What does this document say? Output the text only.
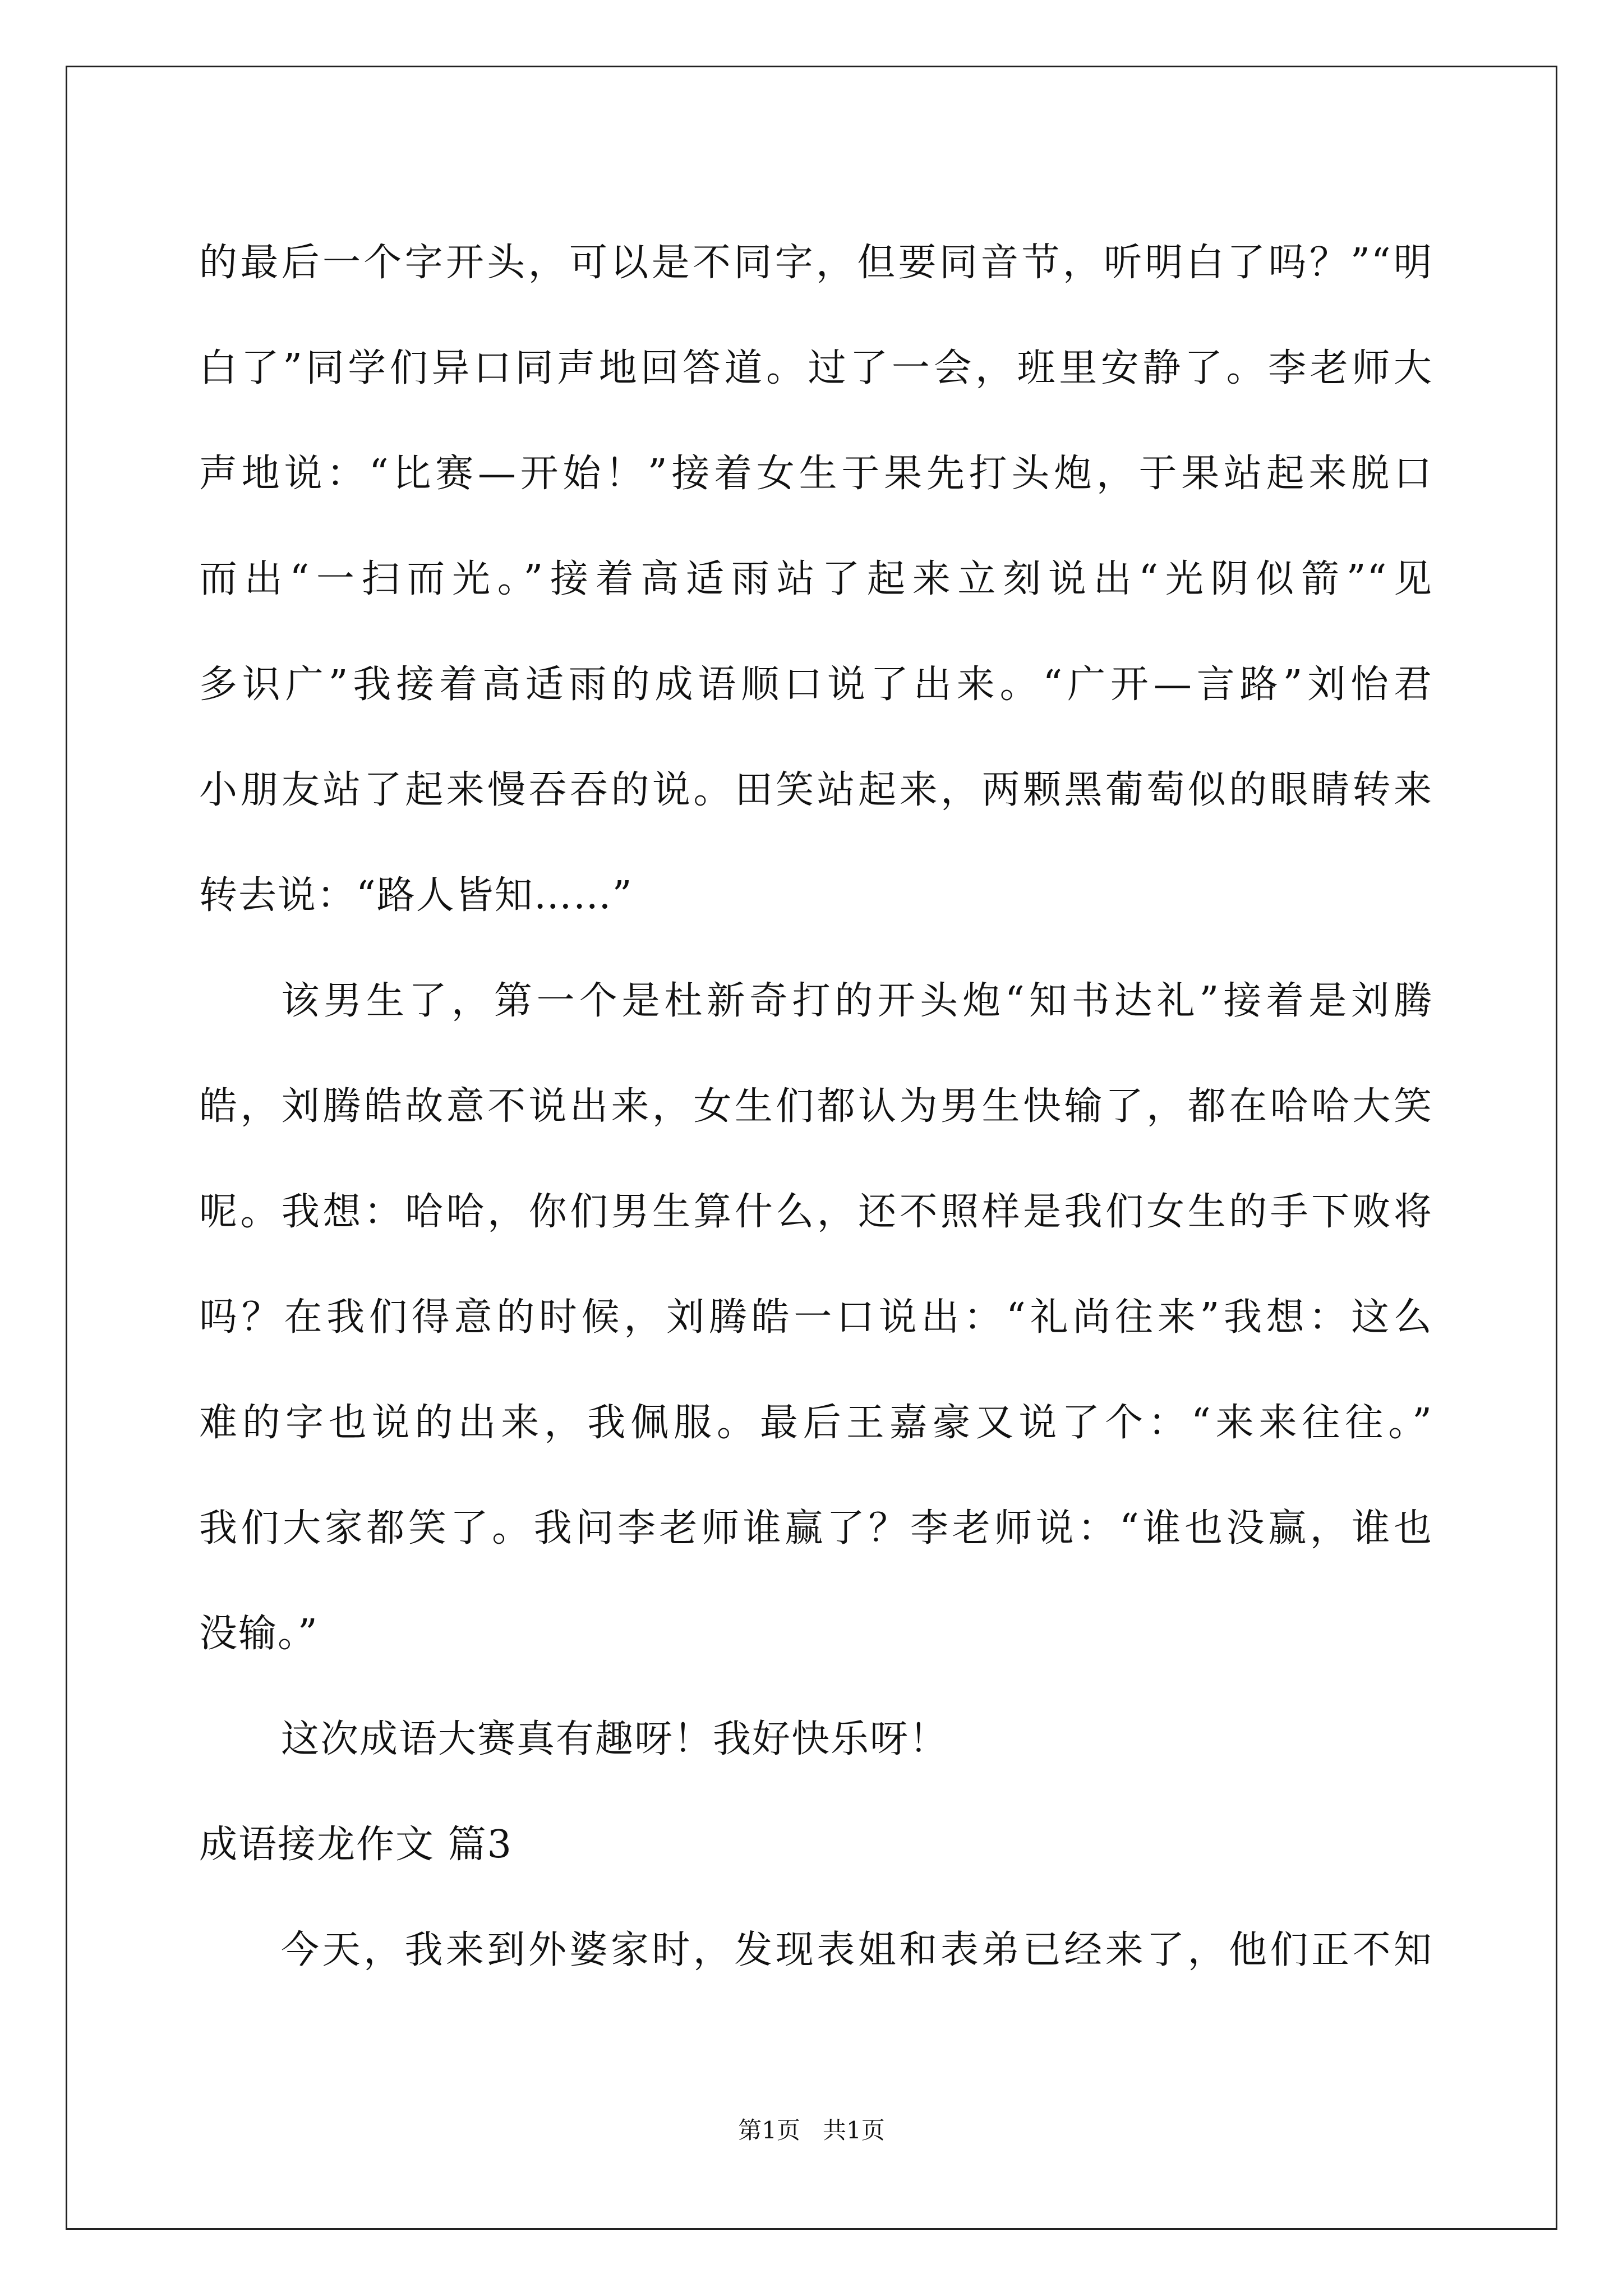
的最后一个字开头，可以是不同字，但要同音节，听明白了吗？”“明
白了”同学们异口同声地回答道。过了一会，班里安静了。李老师大
声地说：“比赛—开始！”接着女生于果先打头炮，于果站起来脱口
而出“一扫而光。”接着高适雨站了起来立刻说出“光阴似箭”“见
多识广”我接着高适雨的成语顺口说了出来。“广开—言路”刘怡君
小朋友站了起来慢吞吞的说。田笑站起来，两颗黑葡萄似的眼睛转来
转去说：“路人皆知……”
该男生了，第一个是杜新奇打的开头炮“知书达礼”接着是刘腾
皓，刘腾皓故意不说出来，女生们都认为男生快输了，都在哈哈大笑
呢。我想：哈哈，你们男生算什么，还不照样是我们女生的手下败将
吗？在我们得意的时候，刘腾皓一口说出：“礼尚往来”我想：这么
难的字也说的出来，我佩服。最后王嘉豪又说了个：“来来往往。”
我们大家都笑了。我问李老师谁赢了？李老师说：“谁也没赢，谁也
没输。”
这次成语大赛真有趣呀！我好快乐呀！
成语接龙作文 篇3
今天，我来到外婆家时，发现表姐和表弟已经来了，他们正不知
第1页   共1页
